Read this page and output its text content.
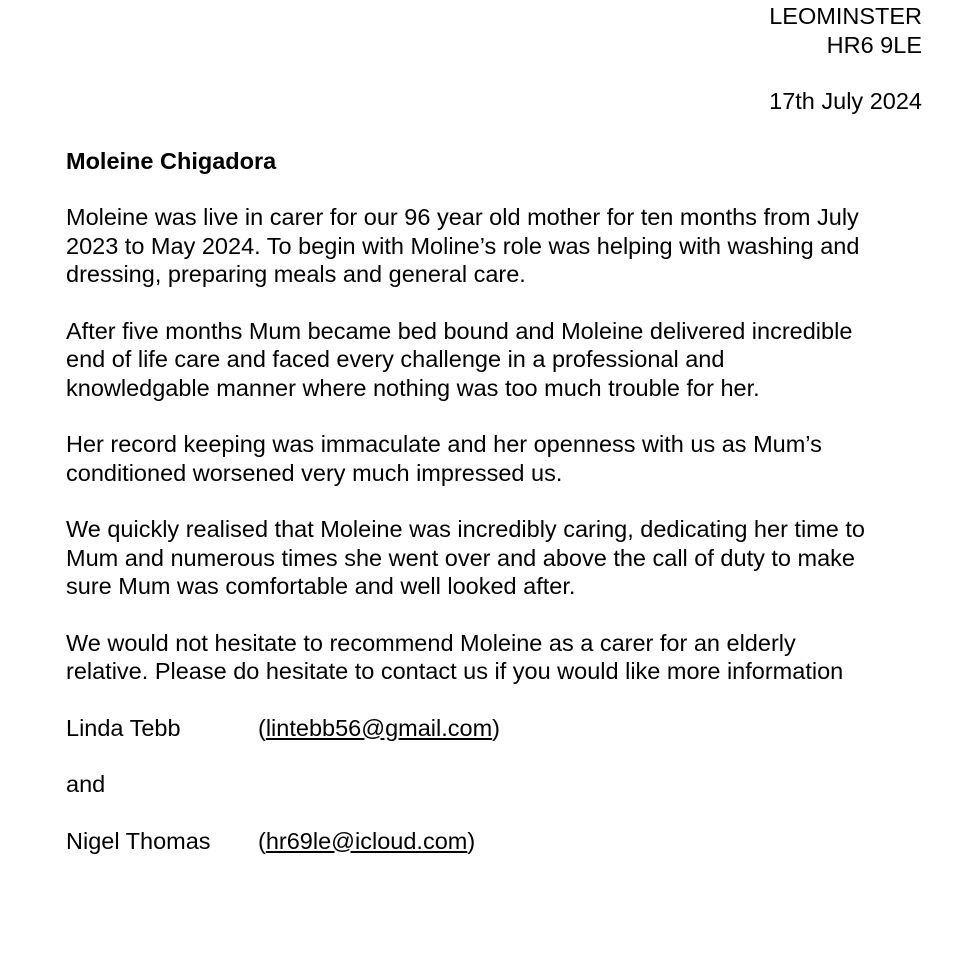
LEOMINSTER
HR6 9LE
17th July 2024
Moleine Chigadora
Moleine was live in carer for our 96 year old mother for ten months from July
2023 to May 2024. To begin with Moline’s role was helping with washing and
dressing, preparing meals and general care.
After five months Mum became bed bound and Moleine delivered incredible
end of life care and faced every challenge in a professional and
knowledgable manner where nothing was too much trouble for her.
Her record keeping was immaculate and her openness with us as Mum’s
conditioned worsened very much impressed us.
We quickly realised that Moleine was incredibly caring, dedicating her time to
Mum and numerous times she went over and above the call of duty to make
sure Mum was comfortable and well looked after.
We would not hesitate to recommend Moleine as a carer for an elderly
relative. Please do hesitate to contact us if you would like more information
Linda Tebb	(lintebb56@gmail.com)
and
Nigel Thomas (hr69le@icloud.com)
